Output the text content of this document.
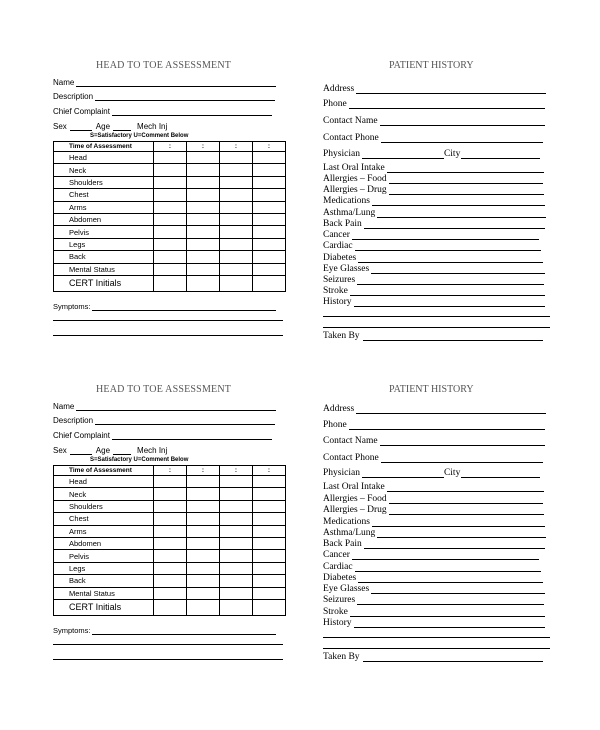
HEAD TO TOE ASSESSMENT
Name
Description
Chief Complaint
Sex	Age	Mech Inj
S=Satisfactory U=Comment Below
Time of Assessment	:	:	:	:
Head				
Neck				
Shoulders				
Chest				
Arms				
Abdomen				
Pelvis				
Legs				
Back				
Mental Status				
CERT Initials				
Symptoms:
PATIENT HISTORY
Address
Phone
Contact Name
Contact Phone
Physician	City
Last Oral Intake
Allergies – Food
Allergies – Drug
Medications
Asthma/Lung
Back Pain
Cancer
Cardiac
Diabetes
Eye Glasses
Seizures
Stroke
History
Taken By
HEAD TO TOE ASSESSMENT
Name
Description
Chief Complaint
Sex	Age	Mech Inj
S=Satisfactory U=Comment Below
Time of Assessment	:	:	:	:
Head				
Neck				
Shoulders				
Chest				
Arms				
Abdomen				
Pelvis				
Legs				
Back				
Mental Status				
CERT Initials				
Symptoms:
PATIENT HISTORY
Address
Phone
Contact Name
Contact Phone
Physician	City
Last Oral Intake
Allergies – Food
Allergies – Drug
Medications
Asthma/Lung
Back Pain
Cancer
Cardiac
Diabetes
Eye Glasses
Seizures
Stroke
History
Taken By
